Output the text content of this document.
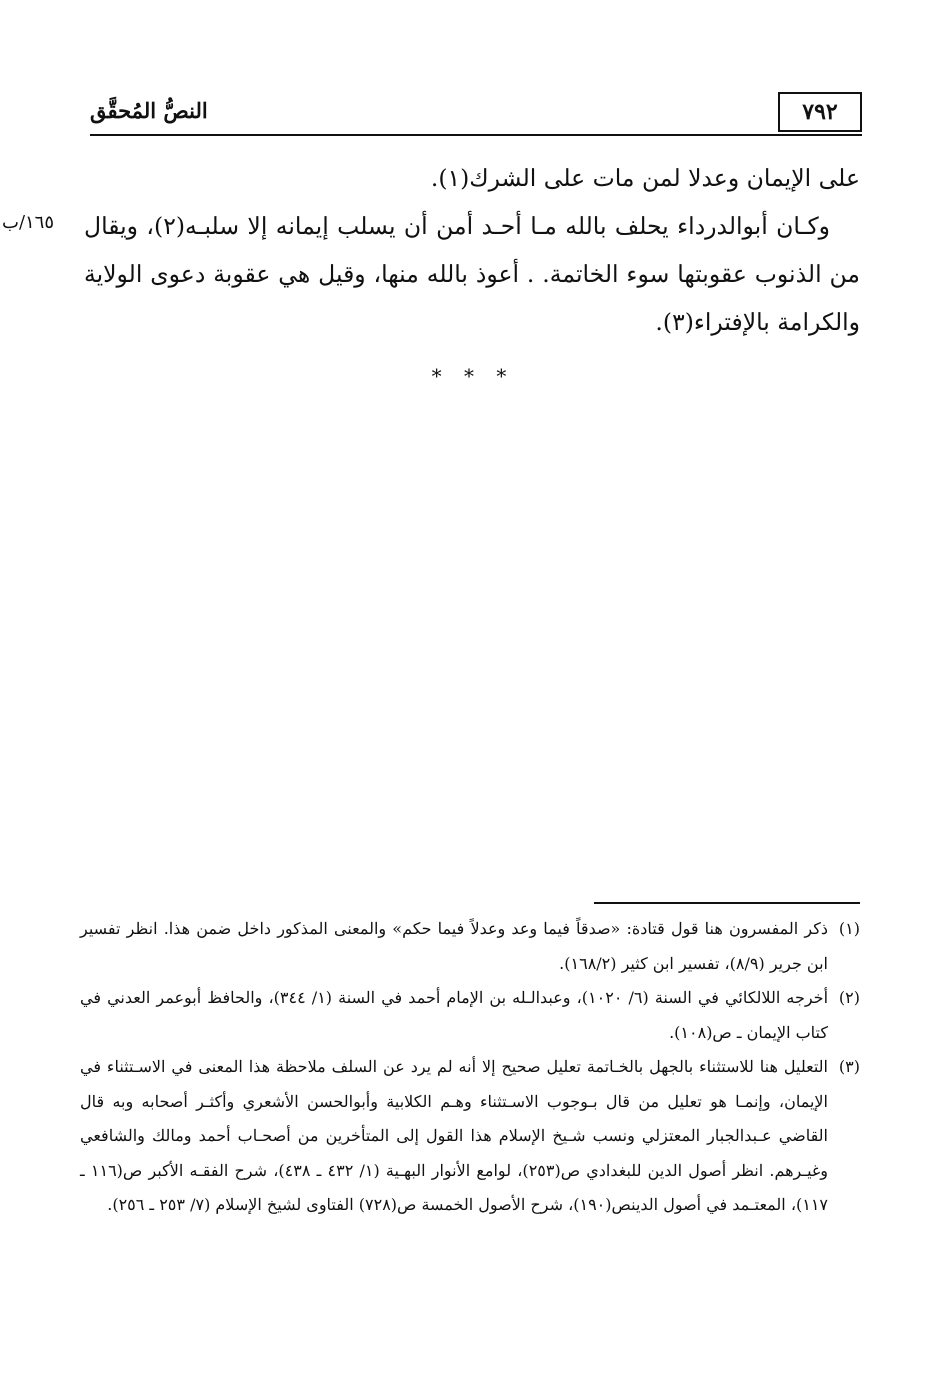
٧٩٢
النصُّ المُحقَّق
١٦٥/ب

على الإيمان وعدلا لمن مات على الشرك(١).

وكـان أبوالدرداء يحلف بالله مـا أحـد أمن أن يسلب إيمانه إلا سلبـه(٢)، ويقال من الذنوب عقوبتها سوء الخاتمة. . أعوذ بالله منها، وقيل هي عقوبة دعوى الولاية والكرامة بالإفتراء(٣).

* * *
(١)
ذكر المفسرون هنا قول قتادة: «صدقاً فيما وعد وعدلاً فيما حكم» والمعنى المذكور داخل ضمن هذا. انظر تفسير ابن جرير (٨/٩)، تفسير ابن كثير (١٦٨/٢).
(٢)
أخرجه اللالكائي في السنة (٦/ ١٠٢٠)، وعبدالـله بن الإمام أحمد في السنة (١/ ٣٤٤)، والحافظ أبوعمر العدني في كتاب الإيمان ـ ص(١٠٨).
(٣)
التعليل هنا للاستثناء بالجهل بالخـاتمة تعليل صحيح إلا أنه لم يرد عن السلف ملاحظة هذا المعنى في الاسـتثناء في الإيمان، وإنمـا هو تعليل من قال بـوجوب الاسـتثناء وهـم الكلابية وأبوالحسن الأشعري وأكثـر أصحابه وبه قال القاضي عـبدالجبار المعتزلي ونسب شـيخ الإسلام هذا القول إلى المتأخرين من أصحـاب أحمد ومالك والشافعي وغيـرهم. انظر أصول الدين للبغدادي ص(٢٥٣)، لوامع الأنوار البهـية (١/ ٤٣٢ ـ ٤٣٨)، شرح الفقـه الأكبر ص(١١٦ ـ ١١٧)، المعتـمد في أصول الدينص(١٩٠)، شرح الأصول الخمسة ص(٧٢٨) الفتاوى لشيخ الإسلام (٧/ ٢٥٣ ـ ٢٥٦).
